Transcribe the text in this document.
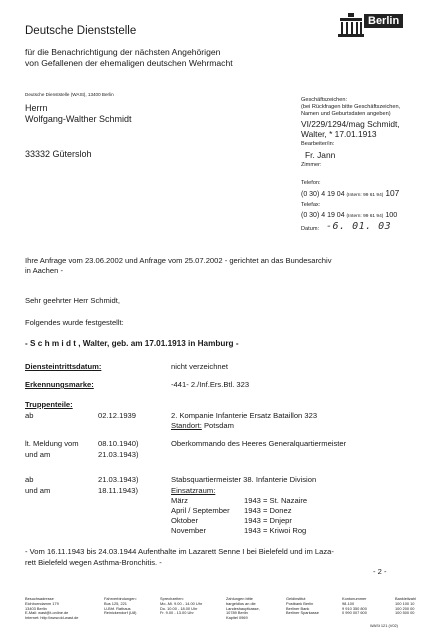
Deutsche Dienststelle
für die Benachrichtigung der nächsten Angehörigen
von Gefallenen der ehemaligen deutschen Wehrmacht
Berlin
Deutsche Dienststelle (WASt), 13400 Berlin
Herrn
Wolfgang-Walther Schmidt
33332 Gütersloh
Geschäftszeichen:
(bei Rückfragen bitte Geschäftszeichen,
Namen und Geburtsdaten angeben)
VI/229/1294/mag Schmidt,
Walter, * 17.01.1913
Bearbeiter/in:
Fr. Jann
Zimmer:
Telefon:
(0 30) 4 19 04 (Intern: 99 61 94) 107
Telefax:
(0 30) 4 19 04 (Intern: 99 61 94) 100
Datum: -6. 01. 03
Ihre Anfrage vom 23.06.2002 und Anfrage vom 25.07.2002 - gerichtet an das Bundesarchiv
in Aachen -
Sehr geehrter Herr Schmidt,
Folgendes wurde festgestellt:
- S c h m i d t , Walter, geb. am 17.01.1913 in Hamburg -
Diensteintrittsdatum:	nicht verzeichnet
Erkennungsmarke:	-441- 2./Inf.Ers.Btl. 323
Truppenteile:
ab	02.12.1939	2. Kompanie Infanterie Ersatz Bataillon 323
Standort: Potsdam
lt. Meldung vom	08.10.1940)	Oberkommando des Heeres Generalquartiermeister
und am	21.03.1943)
ab	21.03.1943)	Stabsquartiermeister 38. Infanterie Division
und am	18.11.1943)	Einsatzraum:
März	1943 = St. Nazaire
April / September 1943 = Donez
Oktober	1943 = Dnjepr
November	1943 = Kriwoi Rog
- Vom 16.11.1943 bis 24.03.1944 Aufenthalte im Lazarett Senne I bei Bielefeld und im Laza-
rett Bielefeld wegen Asthma-Bronchitis. -
- 2 -
Besuchsadresse
Eichborndamm 179
13403 Berlin
E-Mail: wast@t-online.de
Internet: http://www.dd-wast.de
Fahrverbindungen:
Bus 125, 221
U-Bhf. Rathaus
Reinickendorf (U8)
Sprechzeiten:
Mo.-Mi. 9.00 - 14.00 Uhr
Do. 10.00 - 18.00 Uhr
Fr. 9.00 - 13.00 Uhr
Zahlungen bitte
bargeldlos an die
Landeshauptkasse,
10789 Berlin
Kapitel 0969
Geldinstitut
Postbank Berlin
Berliner Bank
Berliner Sparkasse
Kontonummer
98-100
9 910 350 800
0 990 007 600
Bankleitzahl
100 100 10
100 200 00
100 500 00
WASt 121 (V02)
